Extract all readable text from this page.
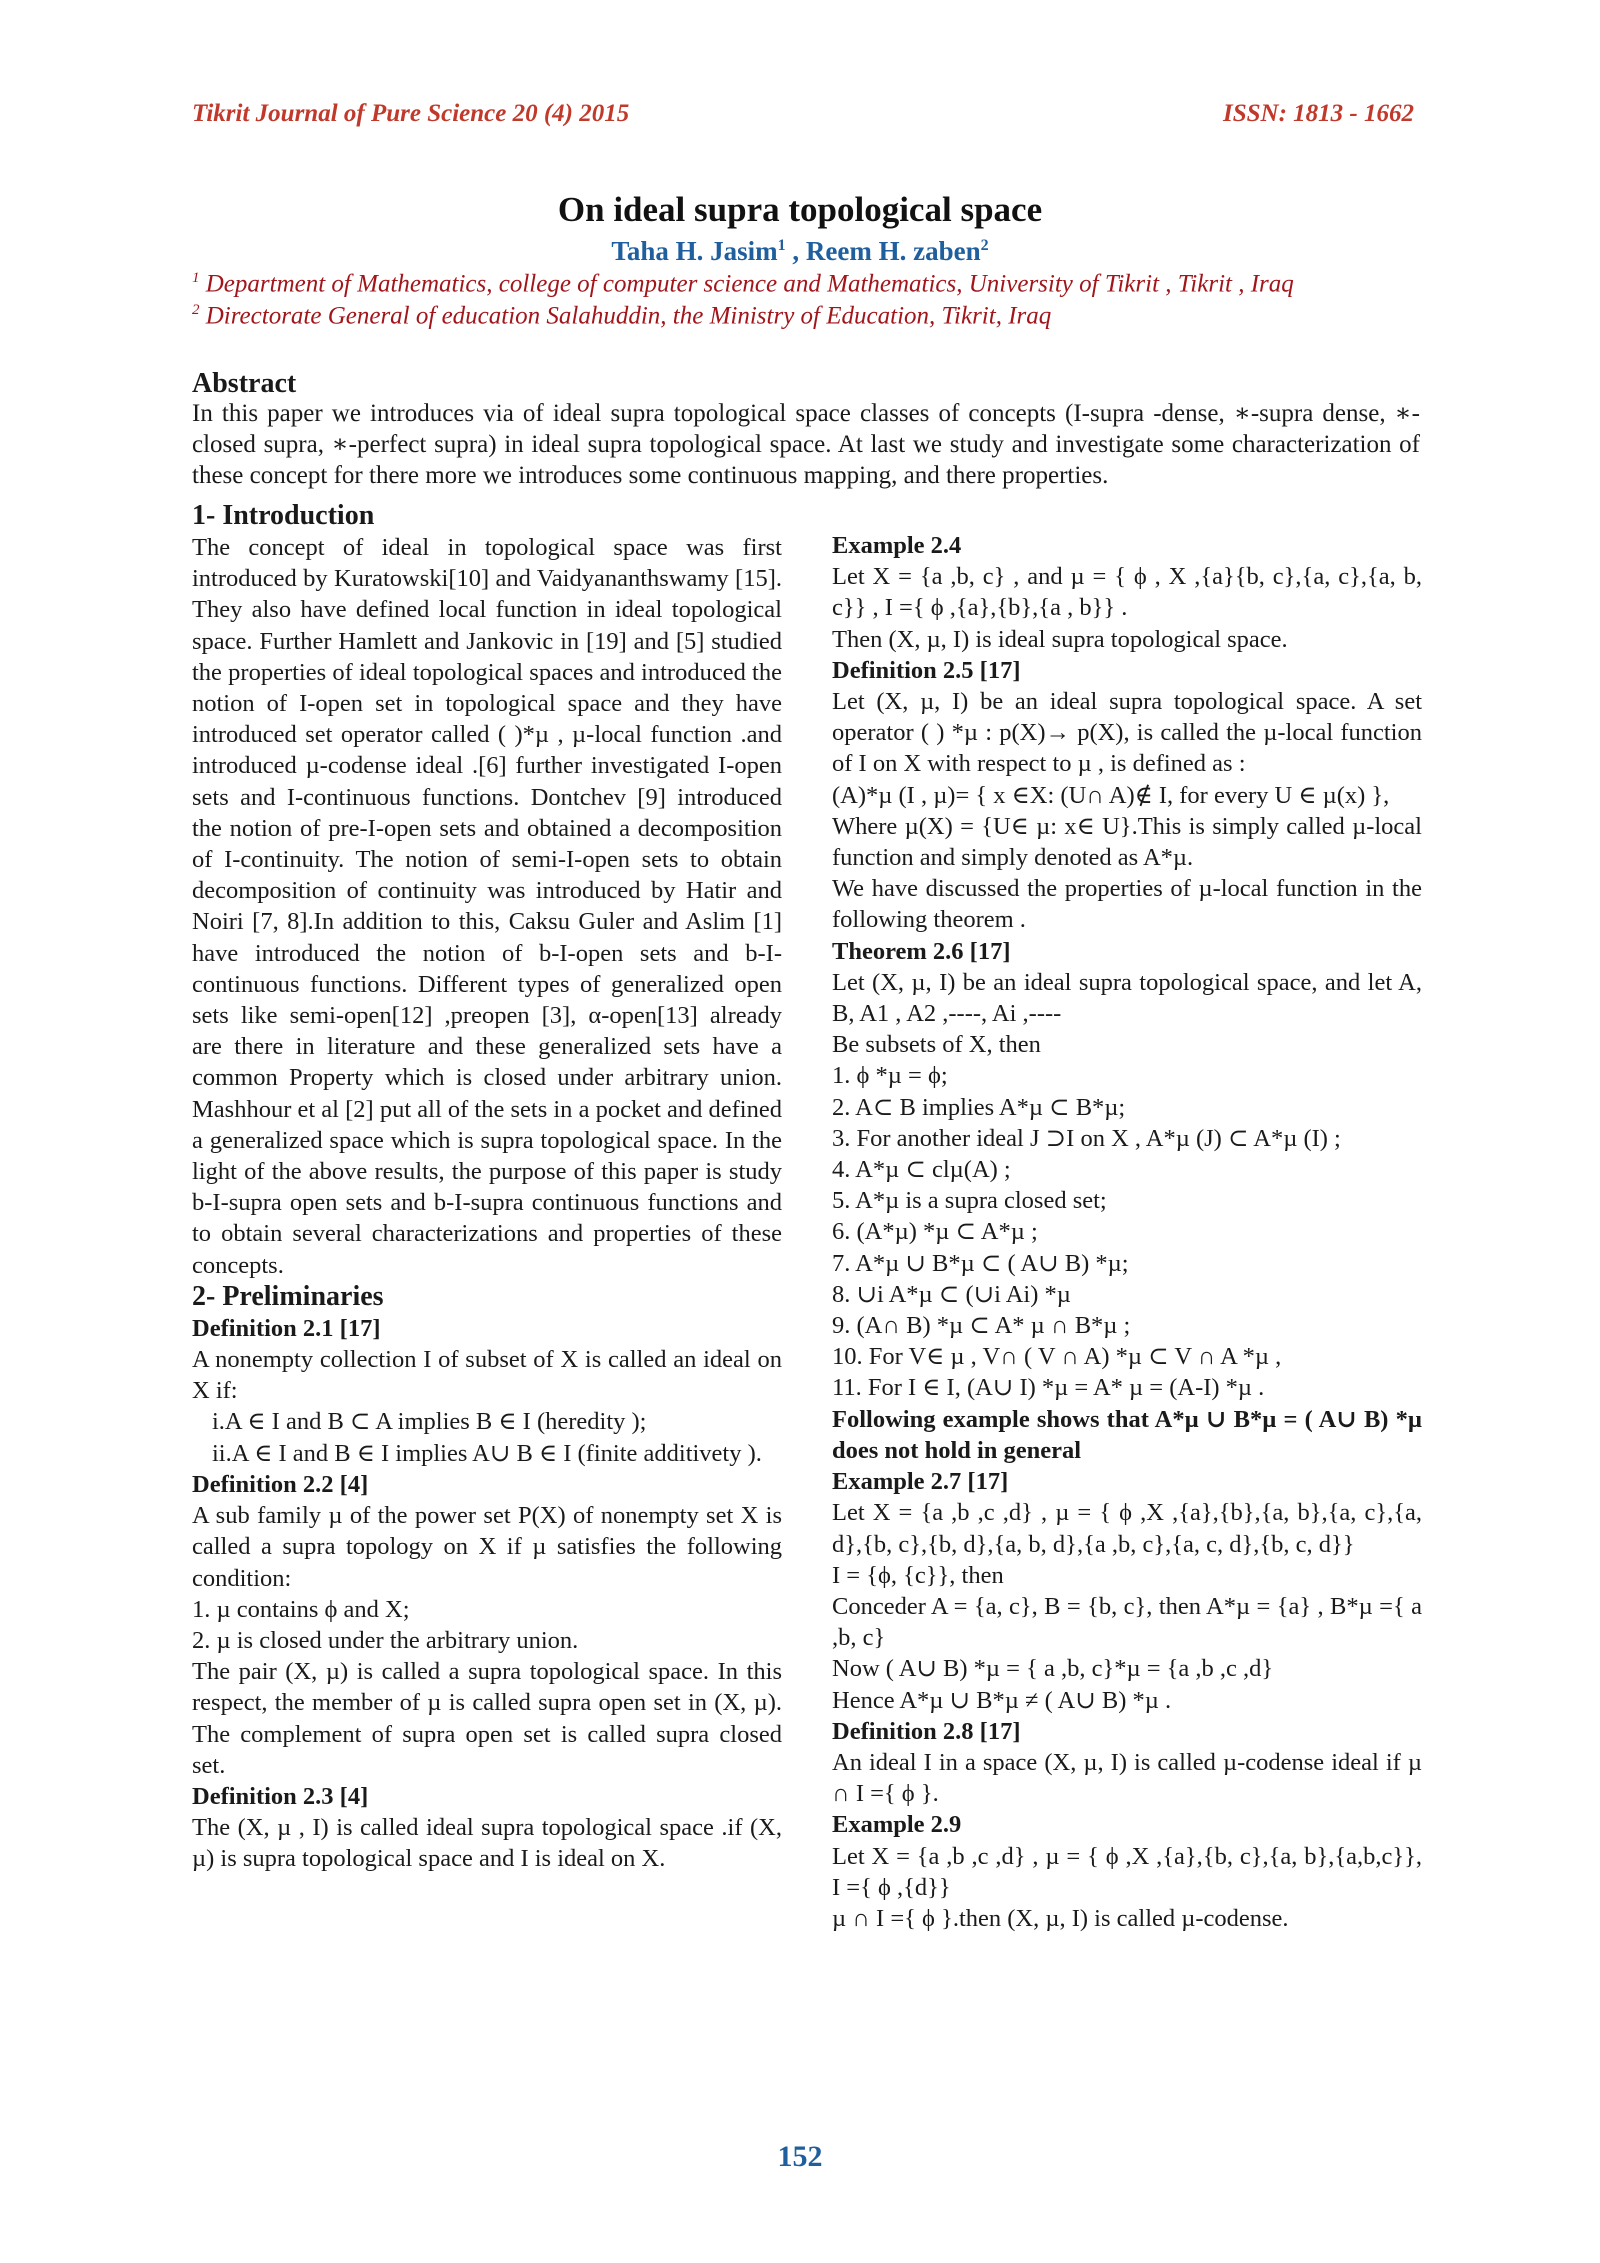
Tikrit Journal of Pure Science 20 (4) 2015	ISSN: 1813 - 1662
On ideal supra topological space
Taha H. Jasim$^1$ , Reem H. zaben$^2$
$^1$ Department of Mathematics, college of computer science and Mathematics, University of Tikrit , Tikrit , Iraq
$^2$ Directorate General of education Salahuddin, the Ministry of Education, Tikrit, Iraq
Abstract
In this paper we introduces via of ideal supra topological space classes of concepts (I-supra -dense, ∗-supra dense, ∗-closed supra, ∗-perfect supra) in ideal supra topological space. At last we study and investigate some characterization of these concept for there more we introduces some continuous mapping, and there properties.
1- Introduction

The concept of ideal in topological space was first introduced by Kuratowski[10] and Vaidyananthswamy [15]. They also have defined local function in ideal topological space. Further Hamlett and Jankovic in [19] and [5] studied the properties of ideal topological spaces and introduced the notion of I-open set in topological space and they have introduced set operator called ( )*µ , µ-local function .and introduced µ-codense ideal .[6] further investigated I-open sets and I-continuous functions. Dontchev [9] introduced the notion of pre-I-open sets and obtained a decomposition of I-continuity. The notion of semi-I-open sets to obtain decomposition of continuity was introduced by Hatir and Noiri [7, 8].In addition to this, Caksu Guler and Aslim [1] have introduced the notion of b-I-open sets and b-I-continuous functions. Different types of generalized open sets like semi-open[12] ,preopen [3], α-open[13] already are there in literature and these generalized sets have a common Property which is closed under arbitrary union. Mashhour et al [2] put all of the sets in a pocket and defined a generalized space which is supra topological space. In the light of the above results, the purpose of this paper is study b-I-supra open sets and b-I-supra continuous functions and to obtain several characterizations and properties of these concepts.

2- Preliminaries
Definition 2.1 [17]

A nonempty collection I of subset of X is called an ideal on X if:

i.A ∈ I and B ⊂ A implies B ∈ I (heredity );

ii.A ∈ I and B ∈ I implies A∪ B ∈ I (finite additivety ).

Definition 2.2 [4]

A sub family µ of the power set P(X) of nonempty set X is called a supra topology on X if µ satisfies the following condition:

1. µ contains ϕ and X;

2. µ is closed under the arbitrary union.

The pair (X, µ) is called a supra topological space. In this respect, the member of µ is called supra open set in (X, µ). The complement of supra open set is called supra closed set.

Definition 2.3 [4]

The (X, µ , I) is called ideal supra topological space .if (X, µ) is supra topological space and I is ideal on X.

Example 2.4

Let X = {a ,b, c} , and µ = { ϕ , X ,{a}{b, c},{a, c},{a, b, c}} , I ={ ϕ ,{a},{b},{a , b}} .

Then (X, µ, I) is ideal supra topological space.

Definition 2.5 [17]

Let (X, µ, I) be an ideal supra topological space. A set operator ( ) *µ : p(X)→ p(X), is called the µ-local function of I on X with respect to µ , is defined as :

(A)*µ (I , µ)= { x ∈X: (U∩ A)∉ I, for every U ∈ µ(x) },

Where µ(X) = {U∈ µ: x∈ U}.This is simply called µ-local function and simply denoted as A*µ.

We have discussed the properties of µ-local function in the following theorem .

Theorem 2.6 [17]

Let (X, µ, I) be an ideal supra topological space, and let A, B, A1 , A2 ,----, Ai ,----

Be subsets of X, then

1. ϕ *µ = ϕ;

2. A⊂ B implies A*µ ⊂ B*µ;

3. For another ideal J ⊃I on X , A*µ (J) ⊂ A*µ (I) ;

4. A*µ ⊂ clµ(A) ;

5. A*µ is a supra closed set;

6. (A*µ) *µ ⊂ A*µ ;

7. A*µ ∪ B*µ ⊂ ( A∪ B) *µ;

8. ∪i A*µ ⊂ (∪i Ai) *µ

9. (A∩ B) *µ ⊂ A* µ ∩ B*µ ;

10. For V∈ µ , V∩ ( V ∩ A) *µ ⊂ V ∩ A *µ ,

11. For I ∈ I, (A∪ I) *µ = A* µ = (A-I) *µ .

Following example shows that A*µ ∪ B*µ = ( A∪ B) *µ does not hold in general

Example 2.7 [17]

Let X = {a ,b ,c ,d} , µ = { ϕ ,X ,{a},{b},{a, b},{a, c},{a, d},{b, c},{b, d},{a, b, d},{a ,b, c},{a, c, d},{b, c, d}}

I = {ϕ, {c}}, then

Conceder A = {a, c}, B = {b, c}, then A*µ = {a} , B*µ ={ a ,b, c}

Now ( A∪ B) *µ = { a ,b, c}*µ = {a ,b ,c ,d}

Hence A*µ ∪ B*µ ≠ ( A∪ B) *µ .

Definition 2.8 [17]

An ideal I in a space (X, µ, I) is called µ-codense ideal if µ ∩ I ={ ϕ }.

Example 2.9

Let X = {a ,b ,c ,d} , µ = { ϕ ,X ,{a},{b, c},{a, b},{a,b,c}}, I ={ ϕ ,{d}}

µ ∩ I ={ ϕ }.then (X, µ, I) is called µ-codense.

152
